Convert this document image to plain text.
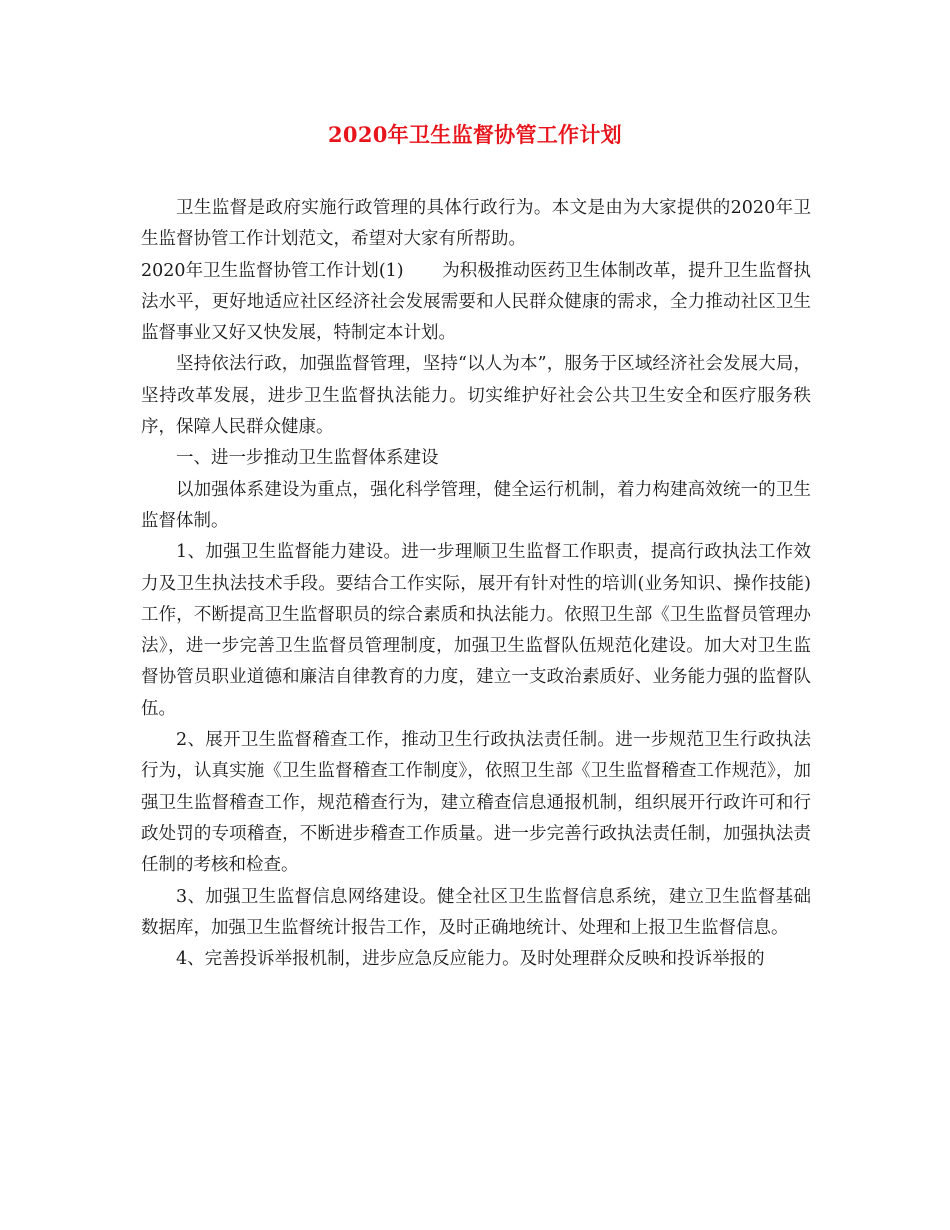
2020年卫生监督协管工作计划

卫生监督是政府实施行政管理的具体行政行为。本文是由为大家提供的2020年卫生监督协管工作计划范文，希望对大家有所帮助。

2020年卫生监督协管工作计划(1) 为积极推动医药卫生体制改革，提升卫生监督执法水平，更好地适应社区经济社会发展需要和人民群众健康的需求，全力推动社区卫生监督事业又好又快发展，特制定本计划。

坚持依法行政，加强监督管理，坚持“以人为本”，服务于区域经济社会发展大局，坚持改革发展，进步卫生监督执法能力。切实维护好社会公共卫生安全和医疗服务秩序，保障人民群众健康。

一、进一步推动卫生监督体系建设

以加强体系建设为重点，强化科学管理，健全运行机制，着力构建高效统一的卫生监督体制。

1、加强卫生监督能力建设。进一步理顺卫生监督工作职责，提高行政执法工作效力及卫生执法技术手段。要结合工作实际，展开有针对性的培训(业务知识、操作技能)工作，不断提高卫生监督职员的综合素质和执法能力。依照卫生部《卫生监督员管理办法》，进一步完善卫生监督员管理制度，加强卫生监督队伍规范化建设。加大对卫生监督协管员职业道德和廉洁自律教育的力度，建立一支政治素质好、业务能力强的监督队伍。

2、展开卫生监督稽查工作，推动卫生行政执法责任制。进一步规范卫生行政执法行为，认真实施《卫生监督稽查工作制度》，依照卫生部《卫生监督稽查工作规范》，加强卫生监督稽查工作，规范稽查行为，建立稽查信息通报机制，组织展开行政许可和行政处罚的专项稽查，不断进步稽查工作质量。进一步完善行政执法责任制，加强执法责任制的考核和检查。

3、加强卫生监督信息网络建设。健全社区卫生监督信息系统，建立卫生监督基础数据库，加强卫生监督统计报告工作，及时正确地统计、处理和上报卫生监督信息。

4、完善投诉举报机制，进步应急反应能力。及时处理群众反映和投诉举报的
